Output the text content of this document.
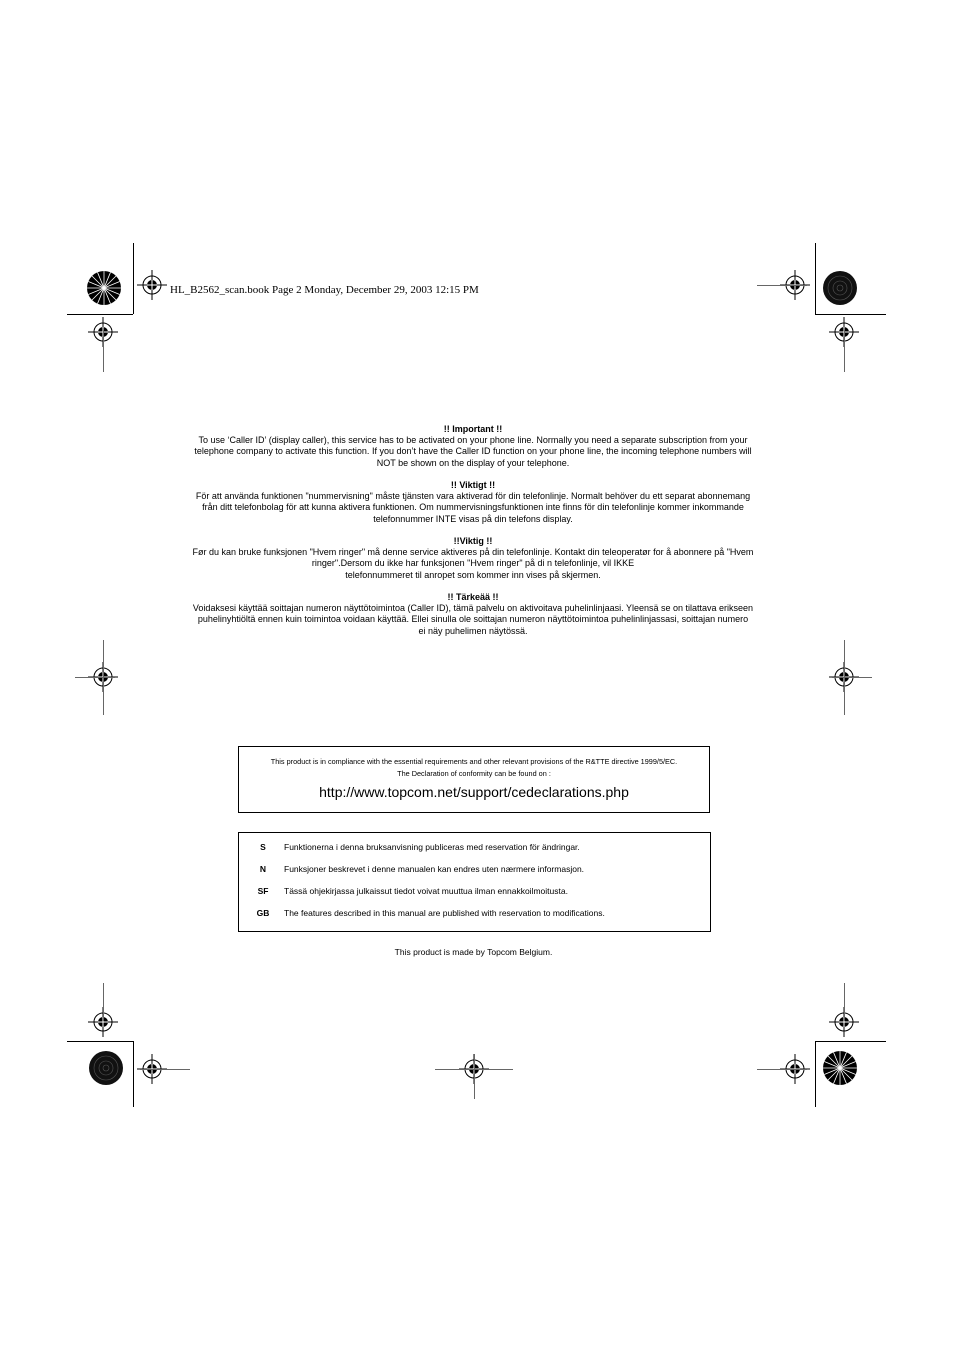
HL_B2562_scan.book Page 2 Monday, December 29, 2003 12:15 PM
!! Important !!
To use ‘Caller ID’ (display caller), this service has to be activated on your phone line. Normally you need a separate subscription from your
telephone company to activate this function. If you don’t have the Caller ID function on your phone line, the incoming telephone numbers will
NOT be shown on the display of your telephone.
!! Viktigt !!
För att använda funktionen "nummervisning" måste tjänsten vara aktiverad för din telefonlinje. Normalt behöver du ett separat abonnemang
från ditt telefonbolag för att kunna aktivera funktionen. Om nummervisningsfunktionen inte finns för din telefonlinje kommer inkommande
telefonnummer INTE visas på din telefons display.
!!Viktig !!
Før du kan bruke funksjonen "Hvem ringer" må denne service aktiveres på din telefonlinje. Kontakt din teleoperatør for å abonnere på "Hvem
ringer".Dersom du ikke har funksjonen "Hvem ringer" på di n telefonlinje, vil IKKE
telefonnummeret til anropet som kommer inn vises på skjermen.
!! Tärkeää !!
Voidaksesi käyttää soittajan numeron näyttötoimintoa (Caller ID), tämä palvelu on aktivoitava puhelinlinjaasi. Yleensä se on tilattava erikseen
puhelinyhtiöltä ennen kuin toimintoa voidaan käyttää. Ellei sinulla ole soittajan numeron näyttötoimintoa puhelinlinjassasi, soittajan numero
ei näy puhelimen näytössä.
This product is in compliance with the essential requirements and other relevant provisions of the R&TTE directive 1999/5/EC.
The Declaration of conformity can be found on :
http://www.topcom.net/support/cedeclarations.php
S	Funktionerna i denna bruksanvisning publiceras med reservation för ändringar.
N	Funksjoner beskrevet i denne manualen kan endres uten nærmere informasjon.
SF	Tässä ohjekirjassa julkaissut tiedot voivat muuttua ilman ennakkoilmoitusta.
GB	The features described in this manual are published with reservation to modifications.
This product is made by Topcom Belgium.
